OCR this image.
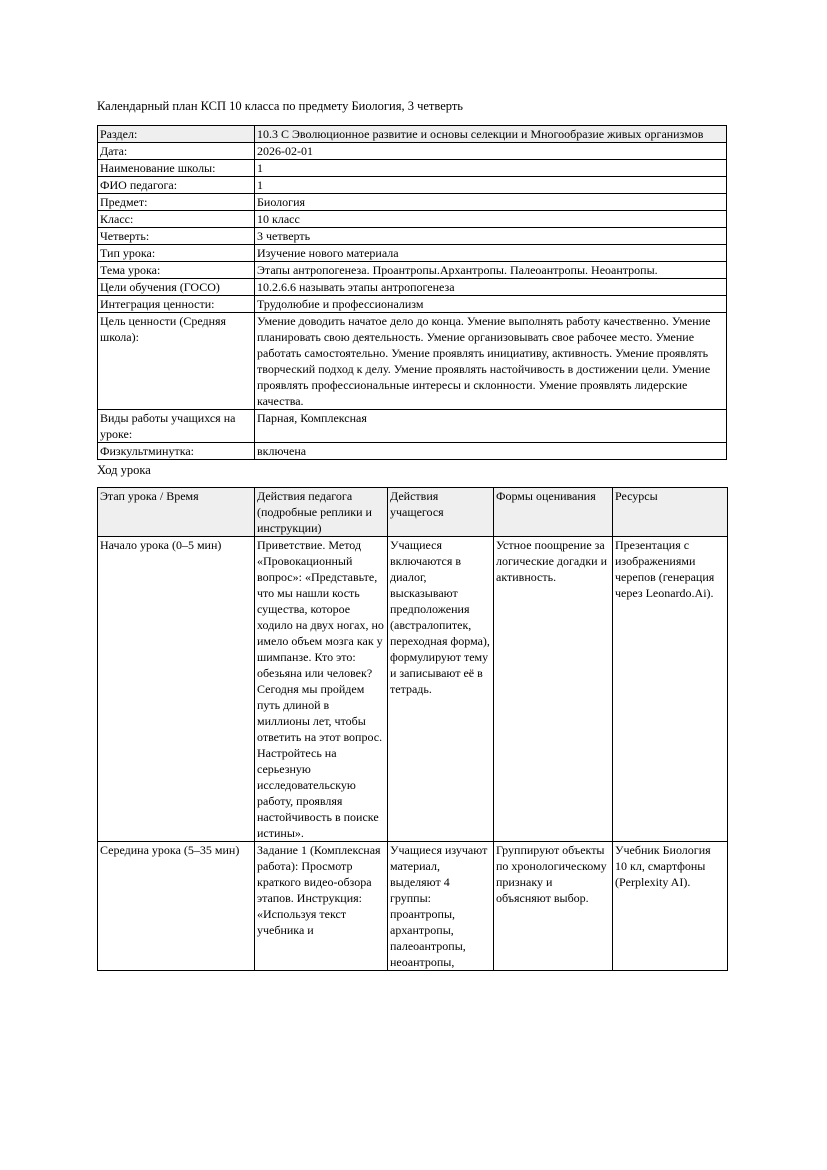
Календарный план КСП 10 класса по предмету Биология, 3 четверть

Раздел:	10.3 С Эволюционное развитие и основы селекции и Многообразие живых организмов
Дата:	2026-02-01
Наименование школы:	1
ФИО педагога:	1
Предмет:	Биология
Класс:	10 класс
Четверть:	3 четверть
Тип урока:	Изучение нового материала
Тема урока:	Этапы антропогенеза. Проантропы.Архантропы. Палеоантропы. Неоантропы.
Цели обучения (ГОСО)	10.2.6.6 называть этапы антропогенеза
Интеграция ценности:	Трудолюбие и профессионализм
Цель ценности (Средняя школа):	Умение доводить начатое дело до конца. Умение выполнять работу качественно. Умение планировать свою деятельность. Умение организовывать свое рабочее место. Умение работать самостоятельно. Умение проявлять инициативу, активность. Умение проявлять творческий подход к делу. Умение проявлять настойчивость в достижении цели. Умение проявлять профессиональные интересы и склонности. Умение проявлять лидерские качества.
Виды работы учащихся на уроке:	Парная, Комплексная
Физкультминутка:	включена

Ход урока

Этап урока / Время	Действия педагога (подробные реплики и инструкции)	Действия учащегося	Формы оценивания	Ресурсы
Начало урока (0–5 мин)	Приветствие. Метод «Провокационный вопрос»: «Представьте, что мы нашли кость существа, которое ходило на двух ногах, но имело объем мозга как у шимпанзе. Кто это: обезьяна или человек? Сегодня мы пройдем путь длиной в миллионы лет, чтобы ответить на этот вопрос. Настройтесь на серьезную исследовательскую работу, проявляя настойчивость в поиске истины».	Учащиеся включаются в диалог, высказывают предположения (австралопитек, переходная форма), формулируют тему и записывают её в тетрадь.	Устное поощрение за логические догадки и активность.	Презентация с изображениями черепов (генерация через Leonardo.Ai).

Середина урока (5–35 мин)	Задание 1 (Комплексная работа): Просмотр краткого видео-обзора этапов. Инструкция: «Используя текст учебника и	Учащиеся изучают материал, выделяют 4 группы: проантропы, архантропы, палеоантропы, неоантропы,	Группируют объекты по хронологическому признаку и объясняют выбор.	Учебник Биология 10 кл, смартфоны (Perplexity AI).
